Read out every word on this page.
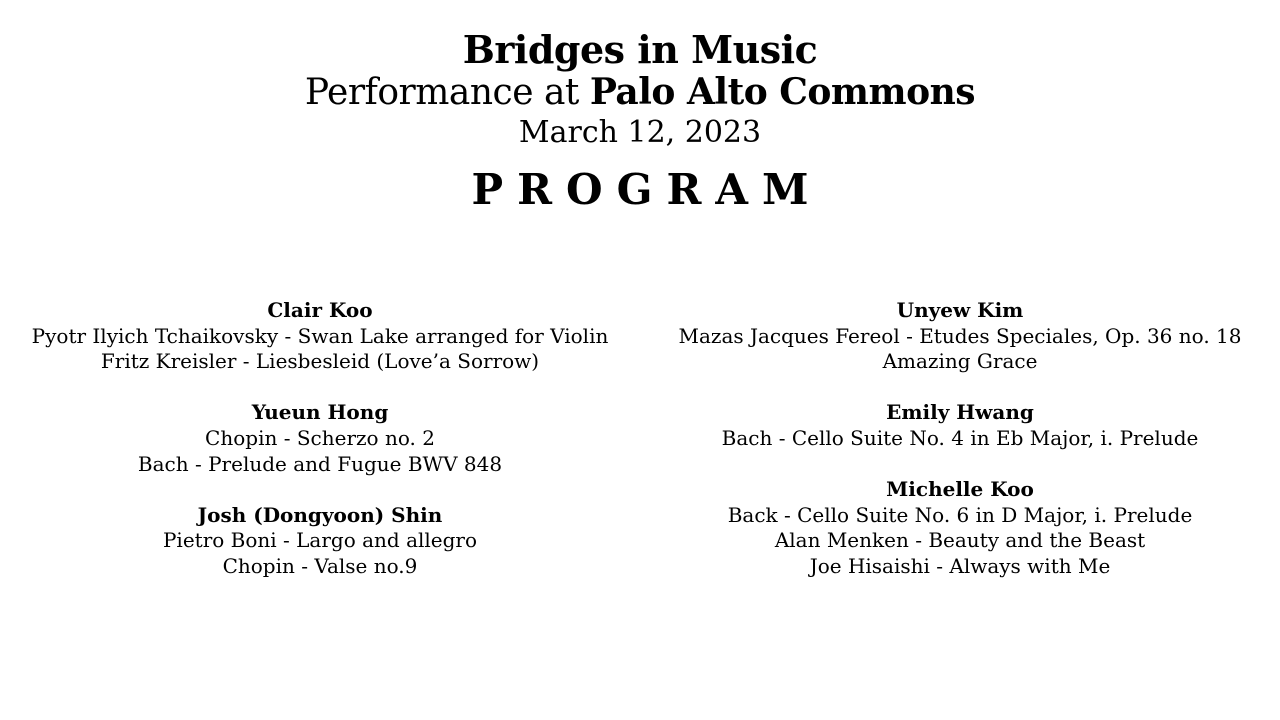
Bridges in Music
Performance at Palo Alto Commons
March 12, 2023
PROGRAM
Clair Koo
Pyotr Ilyich Tchaikovsky - Swan Lake arranged for Violin
Fritz Kreisler - Liesbesleid (Love’a Sorrow)
Yueun Hong
Chopin - Scherzo no. 2
Bach - Prelude and Fugue BWV 848
Josh (Dongyoon) Shin
Pietro Boni - Largo and allegro
Chopin - Valse no.9
Unyew Kim
Mazas Jacques Fereol - Etudes Speciales, Op. 36 no. 18
Amazing Grace
Emily Hwang
Bach - Cello Suite No. 4 in Eb Major, i. Prelude
Michelle Koo
Back - Cello Suite No. 6 in D Major, i. Prelude
Alan Menken - Beauty and the Beast
Joe Hisaishi - Always with Me
